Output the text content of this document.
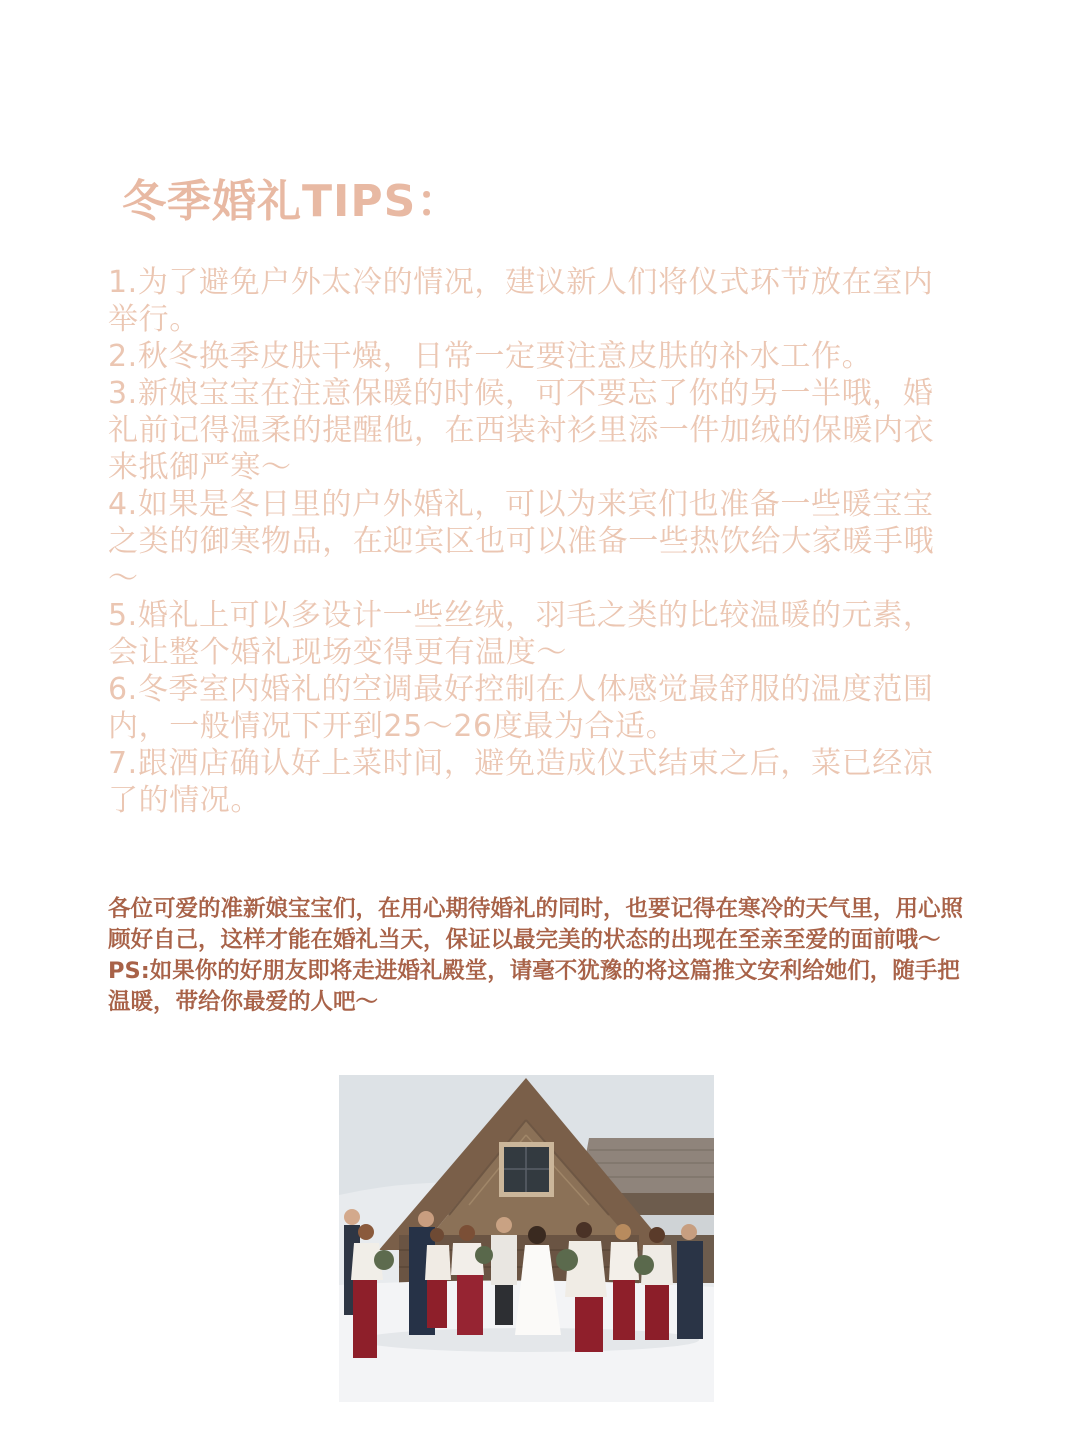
冬季婚礼TIPS：
1.为了避免户外太冷的情况，建议新人们将仪式环节放在室内举行。
2.秋冬换季皮肤干燥，日常一定要注意皮肤的补水工作。
3.新娘宝宝在注意保暖的时候，可不要忘了你的另一半哦，婚礼前记得温柔的提醒他，在西装衬衫里添一件加绒的保暖内衣来抵御严寒～
4.如果是冬日里的户外婚礼，可以为来宾们也准备一些暖宝宝之类的御寒物品，在迎宾区也可以准备一些热饮给大家暖手哦～
5.婚礼上可以多设计一些丝绒，羽毛之类的比较温暖的元素，会让整个婚礼现场变得更有温度～
6.冬季室内婚礼的空调最好控制在人体感觉最舒服的温度范围内，一般情况下开到25～26度最为合适。
7.跟酒店确认好上菜时间，避免造成仪式结束之后，菜已经凉了的情况。

各位可爱的准新娘宝宝们，在用心期待婚礼的同时，也要记得在寒冷的天气里，用心照顾好自己，这样才能在婚礼当天，保证以最完美的状态的出现在至亲至爱的面前哦～

PS:如果你的好朋友即将走进婚礼殿堂，请毫不犹豫的将这篇推文安利给她们，随手把温暖，带给你最爱的人吧～
